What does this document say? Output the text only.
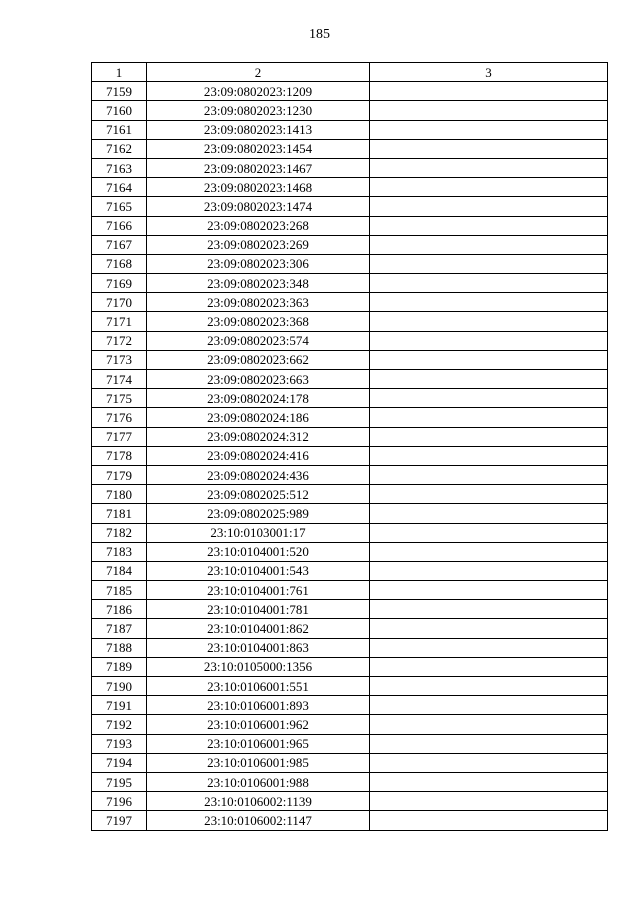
185
1	2	3
7159	23:09:0802023:1209	
7160	23:09:0802023:1230	
7161	23:09:0802023:1413	
7162	23:09:0802023:1454	
7163	23:09:0802023:1467	
7164	23:09:0802023:1468	
7165	23:09:0802023:1474	
7166	23:09:0802023:268	
7167	23:09:0802023:269	
7168	23:09:0802023:306	
7169	23:09:0802023:348	
7170	23:09:0802023:363	
7171	23:09:0802023:368	
7172	23:09:0802023:574	
7173	23:09:0802023:662	
7174	23:09:0802023:663	
7175	23:09:0802024:178	
7176	23:09:0802024:186	
7177	23:09:0802024:312	
7178	23:09:0802024:416	
7179	23:09:0802024:436	
7180	23:09:0802025:512	
7181	23:09:0802025:989	
7182	23:10:0103001:17	
7183	23:10:0104001:520	
7184	23:10:0104001:543	
7185	23:10:0104001:761	
7186	23:10:0104001:781	
7187	23:10:0104001:862	
7188	23:10:0104001:863	
7189	23:10:0105000:1356	
7190	23:10:0106001:551	
7191	23:10:0106001:893	
7192	23:10:0106001:962	
7193	23:10:0106001:965	
7194	23:10:0106001:985	
7195	23:10:0106001:988	
7196	23:10:0106002:1139	
7197	23:10:0106002:1147	
